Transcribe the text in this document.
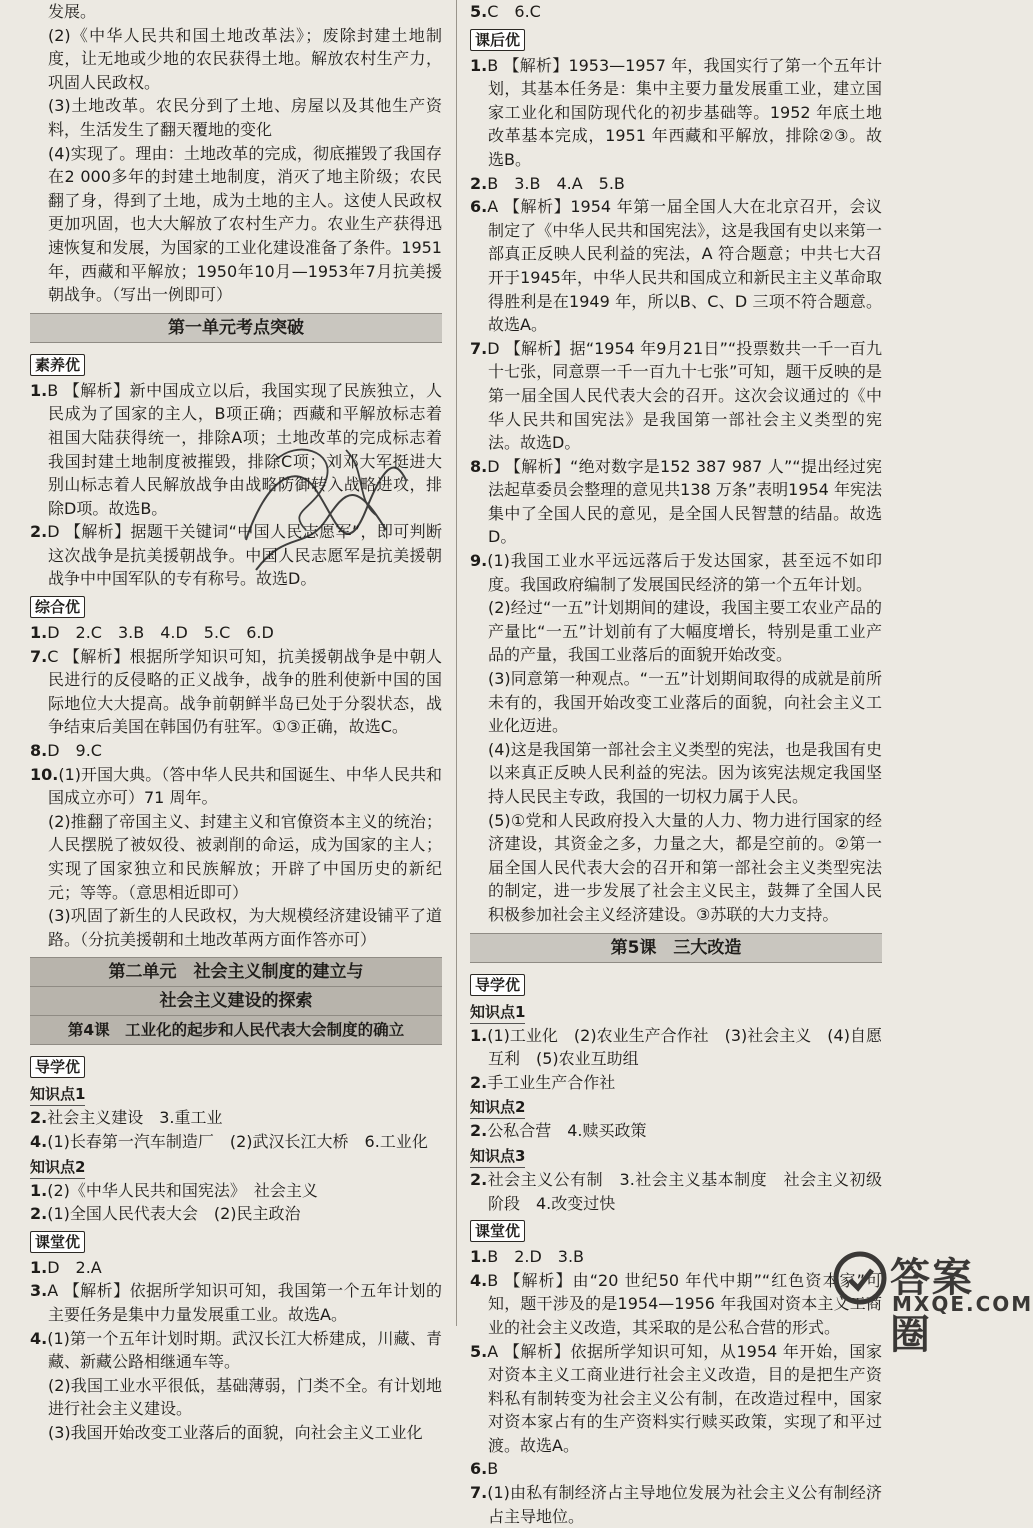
发展。

(2)《中华人民共和国土地改革法》；废除封建土地制度，让无地或少地的农民获得土地。解放农村生产力，巩固人民政权。

(3)土地改革。农民分到了土地、房屋以及其他生产资料，生活发生了翻天覆地的变化

(4)实现了。理由：土地改革的完成，彻底摧毁了我国存在2 000多年的封建土地制度，消灭了地主阶级；农民翻了身，得到了土地，成为土地的主人。这使人民政权更加巩固，也大大解放了农村生产力。农业生产获得迅速恢复和发展，为国家的工业化建设准备了条件。1951 年，西藏和平解放；1950年10月—1953年7月抗美援朝战争。（写出一例即可）

第一单元考点突破
素养优

1.B 【解析】新中国成立以后，我国实现了民族独立，人民成为了国家的主人，B项正确；西藏和平解放标志着祖国大陆获得统一，排除A项；土地改革的完成标志着我国封建土地制度被摧毁，排除C项；刘邓大军挺进大别山标志着人民解放战争由战略防御转入战略进攻，排除D项。故选B。

2.D 【解析】据题干关键词“中国人民志愿军”，即可判断这次战争是抗美援朝战争。中国人民志愿军是抗美援朝战争中中国军队的专有称号。故选D。

综合优

1.D　2.C　3.B　4.D　5.C　6.D

7.C 【解析】根据所学知识可知，抗美援朝战争是中朝人民进行的反侵略的正义战争，战争的胜利使新中国的国际地位大大提高。战争前朝鲜半岛已处于分裂状态，战争结束后美国在韩国仍有驻军。①③正确，故选C。

8.D　9.C

10.(1)开国大典。（答中华人民共和国诞生、中华人民共和国成立亦可）71 周年。

(2)推翻了帝国主义、封建主义和官僚资本主义的统治；人民摆脱了被奴役、被剥削的命运，成为国家的主人；实现了国家独立和民族解放；开辟了中国历史的新纪元；等等。（意思相近即可）

(3)巩固了新生的人民政权，为大规模经济建设铺平了道路。（分抗美援朝和土地改革两方面作答亦可）

第二单元　社会主义制度的建立与
社会主义建设的探索
第4课　工业化的起步和人民代表大会制度的确立
导学优
知识点1

2.社会主义建设　3.重工业

4.(1)长春第一汽车制造厂　(2)武汉长江大桥　6.工业化

知识点2

1.(2)《中华人民共和国宪法》　社会主义

2.(1)全国人民代表大会　(2)民主政治

课堂优

1.D　2.A

3.A 【解析】依据所学知识可知，我国第一个五年计划的主要任务是集中力量发展重工业。故选A。

4.(1)第一个五年计划时期。武汉长江大桥建成，川藏、青藏、新藏公路相继通车等。

(2)我国工业水平很低，基础薄弱，门类不全。有计划地进行社会主义建设。

(3)我国开始改变工业落后的面貌，向社会主义工业化

5.C　6.C

课后优

1.B 【解析】1953—1957 年，我国实行了第一个五年计划，其基本任务是：集中主要力量发展重工业，建立国家工业化和国防现代化的初步基础等。1952 年底土地改革基本完成，1951 年西藏和平解放，排除②③。故选B。

2.B　3.B　4.A　5.B

6.A 【解析】1954 年第一届全国人大在北京召开，会议制定了《中华人民共和国宪法》，这是我国有史以来第一部真正反映人民利益的宪法，A 符合题意；中共七大召开于1945年，中华人民共和国成立和新民主主义革命取得胜利是在1949 年，所以B、C、D 三项不符合题意。故选A。

7.D 【解析】据“1954 年9月21日”“投票数共一千一百九十七张，同意票一千一百九十七张”可知，题干反映的是第一届全国人民代表大会的召开。这次会议通过的《中华人民共和国宪法》是我国第一部社会主义类型的宪法。故选D。

8.D 【解析】“绝对数字是152 387 987 人”“提出经过宪法起草委员会整理的意见共138 万条”表明1954 年宪法集中了全国人民的意见，是全国人民智慧的结晶。故选D。

9.(1)我国工业水平远远落后于发达国家，甚至远不如印度。我国政府编制了发展国民经济的第一个五年计划。

(2)经过“一五”计划期间的建设，我国主要工农业产品的产量比“一五”计划前有了大幅度增长，特别是重工业产品的产量，我国工业落后的面貌开始改变。

(3)同意第一种观点。“一五”计划期间取得的成就是前所未有的，我国开始改变工业落后的面貌，向社会主义工业化迈进。

(4)这是我国第一部社会主义类型的宪法，也是我国有史以来真正反映人民利益的宪法。因为该宪法规定我国坚持人民民主专政，我国的一切权力属于人民。

(5)①党和人民政府投入大量的人力、物力进行国家的经济建设，其资金之多，力量之大，都是空前的。②第一届全国人民代表大会的召开和第一部社会主义类型宪法的制定，进一步发展了社会主义民主，鼓舞了全国人民积极参加社会主义经济建设。③苏联的大力支持。

第5课　三大改造
导学优
知识点1

1.(1)工业化　(2)农业生产合作社　(3)社会主义　(4)自愿互利　(5)农业互助组

2.手工业生产合作社

知识点2

2.公私合营　4.赎买政策

知识点3

2.社会主义公有制　3.社会主义基本制度　社会主义初级阶段　4.改变过快

课堂优

1.B　2.D　3.B

4.B 【解析】由“20 世纪50 年代中期”“红色资本家”可知，题干涉及的是1954—1956 年我国对资本主义工商业的社会主义改造，其采取的是公私合营的形式。

5.A 【解析】依据所学知识可知，从1954 年开始，国家对资本主义工商业进行社会主义改造，目的是把生产资料私有制转变为社会主义公有制，在改造过程中，国家对资本家占有的生产资料实行赎买政策，实现了和平过渡。故选A。

6.B

7.(1)由私有制经济占主导地位发展为社会主义公有制经济占主导地位。

答案圈
MXQE.COM
